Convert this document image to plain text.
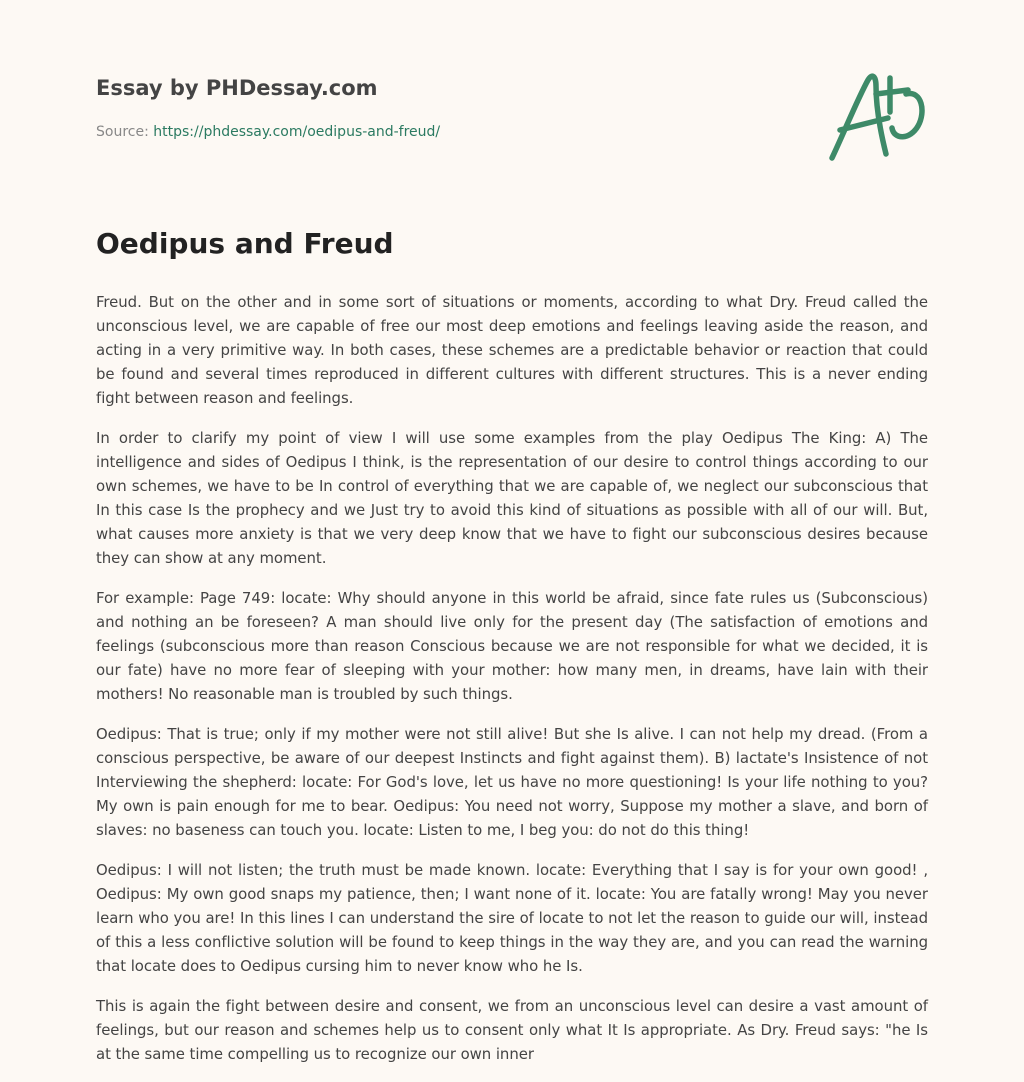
Essay by PHDessay.com
Source: https://phdessay.com/oedipus-and-freud/
Oedipus and Freud

Freud. But on the other and in some sort of situations or moments, according to what Dry. Freud called the unconscious level, we are capable of free our most deep emotions and feelings leaving aside the reason, and acting in a very primitive way. In both cases, these schemes are a predictable behavior or reaction that could be found and several times reproduced in different cultures with different structures. This is a never ending fight between reason and feelings.

In order to clarify my point of view I will use some examples from the play Oedipus The King: A) The intelligence and sides of Oedipus I think, is the representation of our desire to control things according to our own schemes, we have to be In control of everything that we are capable of, we neglect our subconscious that In this case Is the prophecy and we Just try to avoid this kind of situations as possible with all of our will. But, what causes more anxiety is that we very deep know that we have to fight our subconscious desires because they can show at any moment.

For example: Page 749: locate: Why should anyone in this world be afraid, since fate rules us (Subconscious) and nothing an be foreseen? A man should live only for the present day (The satisfaction of emotions and feelings (subconscious more than reason Conscious because we are not responsible for what we decided, it is our fate) have no more fear of sleeping with your mother: how many men, in dreams, have lain with their mothers! No reasonable man is troubled by such things.

Oedipus: That is true; only if my mother were not still alive! But she Is alive. I can not help my dread. (From a conscious perspective, be aware of our deepest Instincts and fight against them). B) lactate's Insistence of not Interviewing the shepherd: locate: For God's love, let us have no more questioning! Is your life nothing to you? My own is pain enough for me to bear. Oedipus: You need not worry, Suppose my mother a slave, and born of slaves: no baseness can touch you. locate: Listen to me, I beg you: do not do this thing!

Oedipus: I will not listen; the truth must be made known. locate: Everything that I say is for your own good! , Oedipus: My own good snaps my patience, then; I want none of it. locate: You are fatally wrong! May you never learn who you are! In this lines I can understand the sire of locate to not let the reason to guide our will, instead of this a less conflictive solution will be found to keep things in the way they are, and you can read the warning that locate does to Oedipus cursing him to never know who he Is.

This is again the fight between desire and consent, we from an unconscious level can desire a vast amount of feelings, but our reason and schemes help us to consent only what It Is appropriate. As Dry. Freud says: "he Is at the same time compelling us to recognize our own inner
